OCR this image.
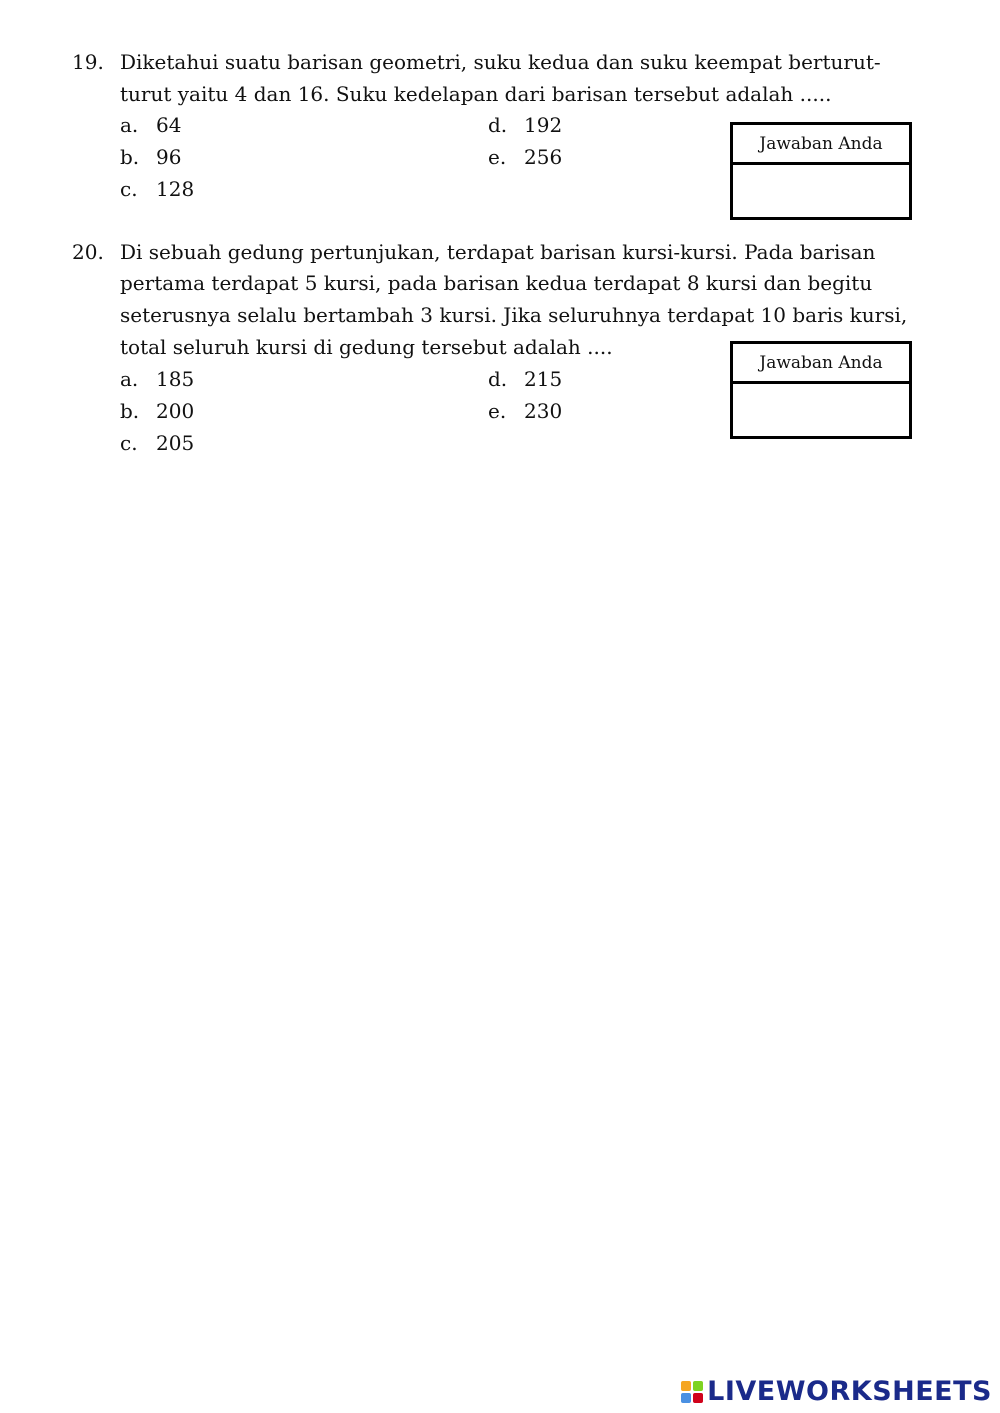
19. Diketahui suatu barisan geometri, suku kedua dan suku keempat berturut-
turut yaitu 4 dan 16. Suku kedelapan dari barisan tersebut adalah .....
a. 64
b. 96
c. 128
d. 192
e. 256
Jawaban Anda
20. Di sebuah gedung pertunjukan, terdapat barisan kursi-kursi. Pada barisan
pertama terdapat 5 kursi, pada barisan kedua terdapat 8 kursi dan begitu
seterusnya selalu bertambah 3 kursi. Jika seluruhnya terdapat 10 baris kursi,
total seluruh kursi di gedung tersebut adalah ....
a. 185
b. 200
c. 205
d. 215
e. 230
Jawaban Anda
LIVEWORKSHEETS
